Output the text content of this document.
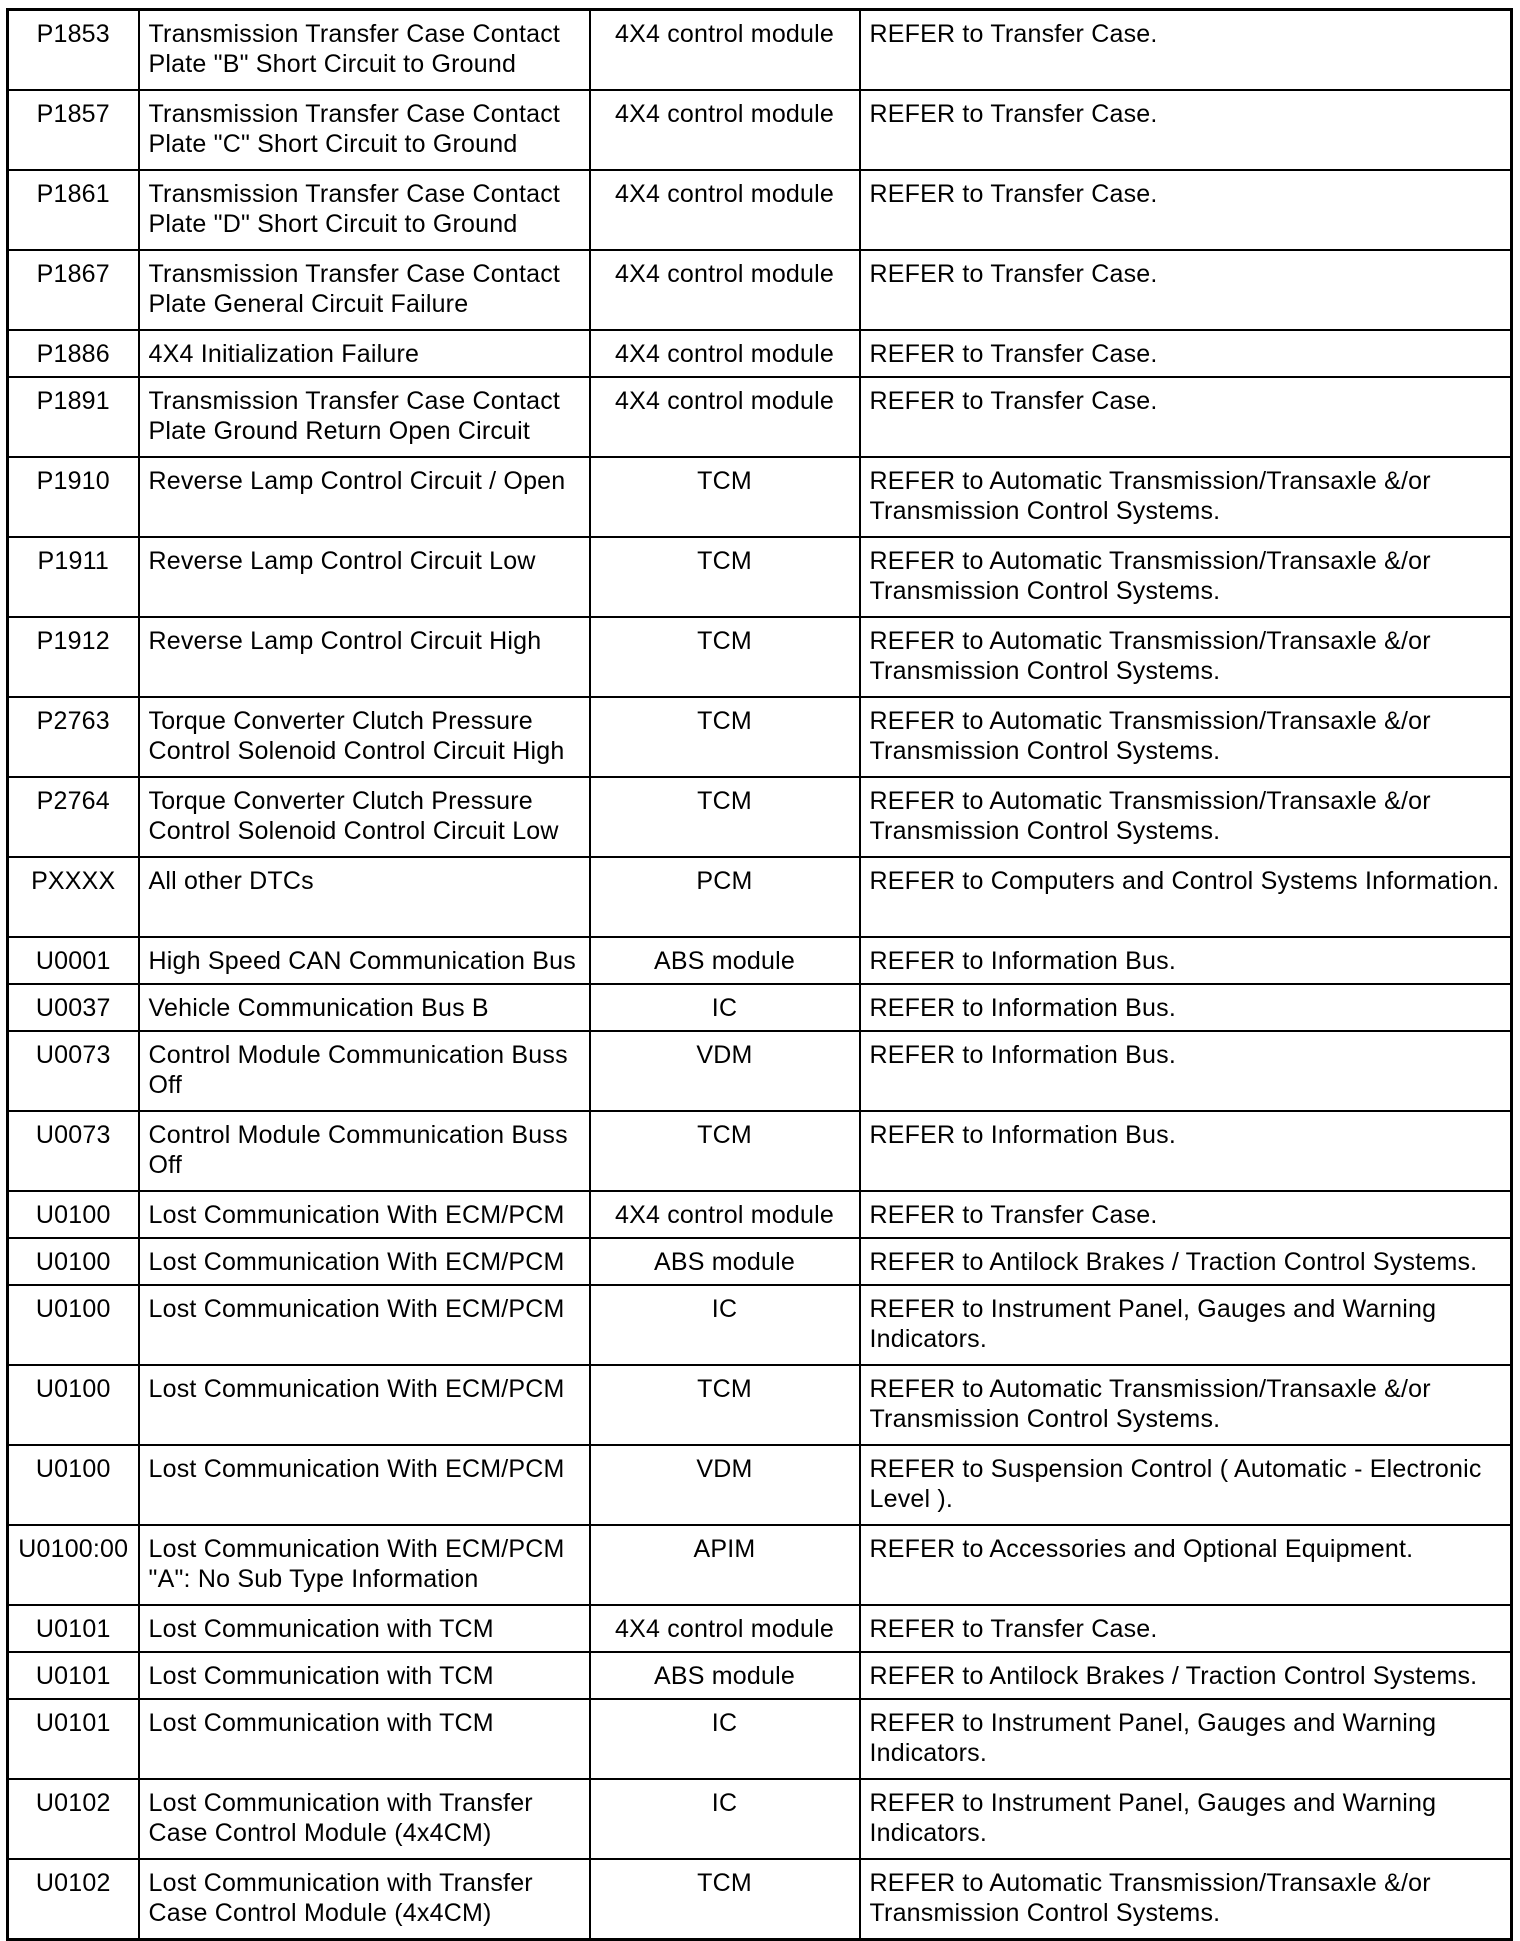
P1853	Transmission Transfer Case Contact Plate "B" Short Circuit to Ground	4X4 control module	REFER to Transfer Case.
P1857	Transmission Transfer Case Contact Plate "C" Short Circuit to Ground	4X4 control module	REFER to Transfer Case.
P1861	Transmission Transfer Case Contact Plate "D" Short Circuit to Ground	4X4 control module	REFER to Transfer Case.
P1867	Transmission Transfer Case Contact Plate General Circuit Failure	4X4 control module	REFER to Transfer Case.
P1886	4X4 Initialization Failure	4X4 control module	REFER to Transfer Case.
P1891	Transmission Transfer Case Contact Plate Ground Return Open Circuit	4X4 control module	REFER to Transfer Case.
P1910	Reverse Lamp Control Circuit / Open	TCM	REFER to Automatic Transmission/Transaxle &/or Transmission Control Systems.
P1911	Reverse Lamp Control Circuit Low	TCM	REFER to Automatic Transmission/Transaxle &/or Transmission Control Systems.
P1912	Reverse Lamp Control Circuit High	TCM	REFER to Automatic Transmission/Transaxle &/or Transmission Control Systems.
P2763	Torque Converter Clutch Pressure Control Solenoid Control Circuit High	TCM	REFER to Automatic Transmission/Transaxle &/or Transmission Control Systems.
P2764	Torque Converter Clutch Pressure Control Solenoid Control Circuit Low	TCM	REFER to Automatic Transmission/Transaxle &/or Transmission Control Systems.
PXXXX	All other DTCs	PCM	REFER to Computers and Control Systems Information.
U0001	High Speed CAN Communication Bus	ABS module	REFER to Information Bus.
U0037	Vehicle Communication Bus B	IC	REFER to Information Bus.
U0073	Control Module Communication Buss Off	VDM	REFER to Information Bus.
U0073	Control Module Communication Buss Off	TCM	REFER to Information Bus.
U0100	Lost Communication With ECM/PCM	4X4 control module	REFER to Transfer Case.
U0100	Lost Communication With ECM/PCM	ABS module	REFER to Antilock Brakes / Traction Control Systems.
U0100	Lost Communication With ECM/PCM	IC	REFER to Instrument Panel, Gauges and Warning Indicators.
U0100	Lost Communication With ECM/PCM	TCM	REFER to Automatic Transmission/Transaxle &/or Transmission Control Systems.
U0100	Lost Communication With ECM/PCM	VDM	REFER to Suspension Control ( Automatic - Electronic Level ).
U0100:00	Lost Communication With ECM/PCM "A": No Sub Type Information	APIM	REFER to Accessories and Optional Equipment.
U0101	Lost Communication with TCM	4X4 control module	REFER to Transfer Case.
U0101	Lost Communication with TCM	ABS module	REFER to Antilock Brakes / Traction Control Systems.
U0101	Lost Communication with TCM	IC	REFER to Instrument Panel, Gauges and Warning Indicators.
U0102	Lost Communication with Transfer Case Control Module (4x4CM)	IC	REFER to Instrument Panel, Gauges and Warning Indicators.
U0102	Lost Communication with Transfer Case Control Module (4x4CM)	TCM	REFER to Automatic Transmission/Transaxle &/or Transmission Control Systems.
